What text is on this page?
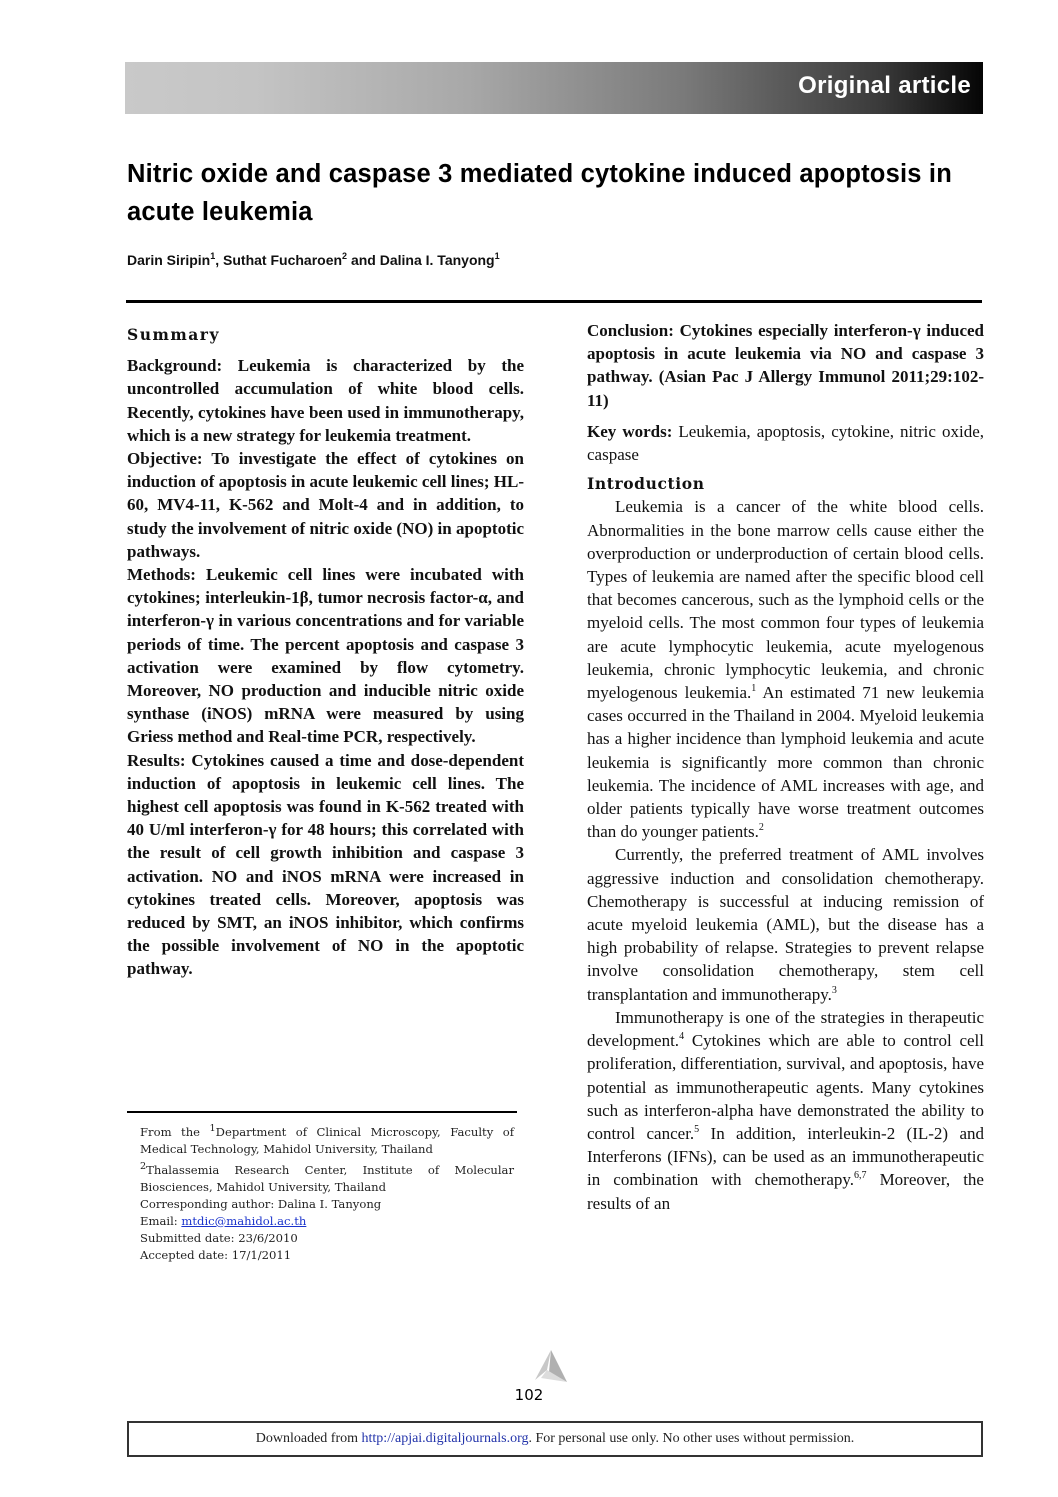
Original article
Nitric oxide and caspase 3 mediated cytokine induced apoptosis in acute leukemia
Darin Siripin$^1$, Suthat Fucharoen$^2$ and Dalina I. Tanyong$^1$
Summary

Background: Leukemia is characterized by the uncontrolled accumulation of white blood cells. Recently, cytokines have been used in immunotherapy, which is a new strategy for leukemia treatment.

Objective: To investigate the effect of cytokines on induction of apoptosis in acute leukemic cell lines; HL-60, MV4-11, K-562 and Molt-4 and in addition, to study the involvement of nitric oxide (NO) in apoptotic pathways.

Methods: Leukemic cell lines were incubated with cytokines; interleukin-1β, tumor necrosis factor-α, and interferon-γ in various concentrations and for variable periods of time. The percent apoptosis and caspase 3 activation were examined by flow cytometry. Moreover, NO production and inducible nitric oxide synthase (iNOS) mRNA were measured by using Griess method and Real-time PCR, respectively.

Results: Cytokines caused a time and dose-dependent induction of apoptosis in leukemic cell lines. The highest cell apoptosis was found in K-562 treated with 40 U/ml interferon-γ for 48 hours; this correlated with the result of cell growth inhibition and caspase 3 activation. NO and iNOS mRNA were increased in cytokines treated cells. Moreover, apoptosis was reduced by SMT, an iNOS inhibitor, which confirms the possible involvement of NO in the apoptotic pathway.

From the $^1$Department of Clinical Microscopy, Faculty of Medical Technology, Mahidol University, Thailand
$^2$Thalassemia Research Center, Institute of Molecular Biosciences, Mahidol University, Thailand
Corresponding author: Dalina I. Tanyong
Email: mtdic@mahidol.ac.th
Submitted date: 23/6/2010
Accepted date: 17/1/2011

Conclusion: Cytokines especially interferon-γ induced apoptosis in acute leukemia via NO and caspase 3 pathway. (Asian Pac J Allergy Immunol 2011;29:102-11)

Key words: Leukemia, apoptosis, cytokine, nitric oxide, caspase

Introduction

Leukemia is a cancer of the white blood cells. Abnormalities in the bone marrow cells cause either the overproduction or underproduction of certain blood cells. Types of leukemia are named after the specific blood cell that becomes cancerous, such as the lymphoid cells or the myeloid cells. The most common four types of leukemia are acute lymphocytic leukemia, acute myelogenous leukemia, chronic lymphocytic leukemia, and chronic myelogenous leukemia.$^1$ An estimated 71 new leukemia cases occurred in the Thailand in 2004. Myeloid leukemia has a higher incidence than lymphoid leukemia and acute leukemia is significantly more common than chronic leukemia. The incidence of AML increases with age, and older patients typically have worse treatment outcomes than do younger patients.$^2$

Currently, the preferred treatment of AML involves aggressive induction and consolidation chemotherapy. Chemotherapy is successful at inducing remission of acute myeloid leukemia (AML), but the disease has a high probability of relapse. Strategies to prevent relapse involve consolidation chemotherapy, stem cell transplantation and immunotherapy.$^3$

Immunotherapy is one of the strategies in therapeutic development.$^4$ Cytokines which are able to control cell proliferation, differentiation, survival, and apoptosis, have potential as immunotherapeutic agents. Many cytokines such as interferon-alpha have demonstrated the ability to control cancer.$^5$ In addition, interleukin-2 (IL-2) and Interferons (IFNs), can be used as an immunotherapeutic in combination with chemotherapy.$^{6,7}$ Moreover, the results of an

102
Downloaded from http://apjai.digitaljournals.org. For personal use only. No other uses without permission.
